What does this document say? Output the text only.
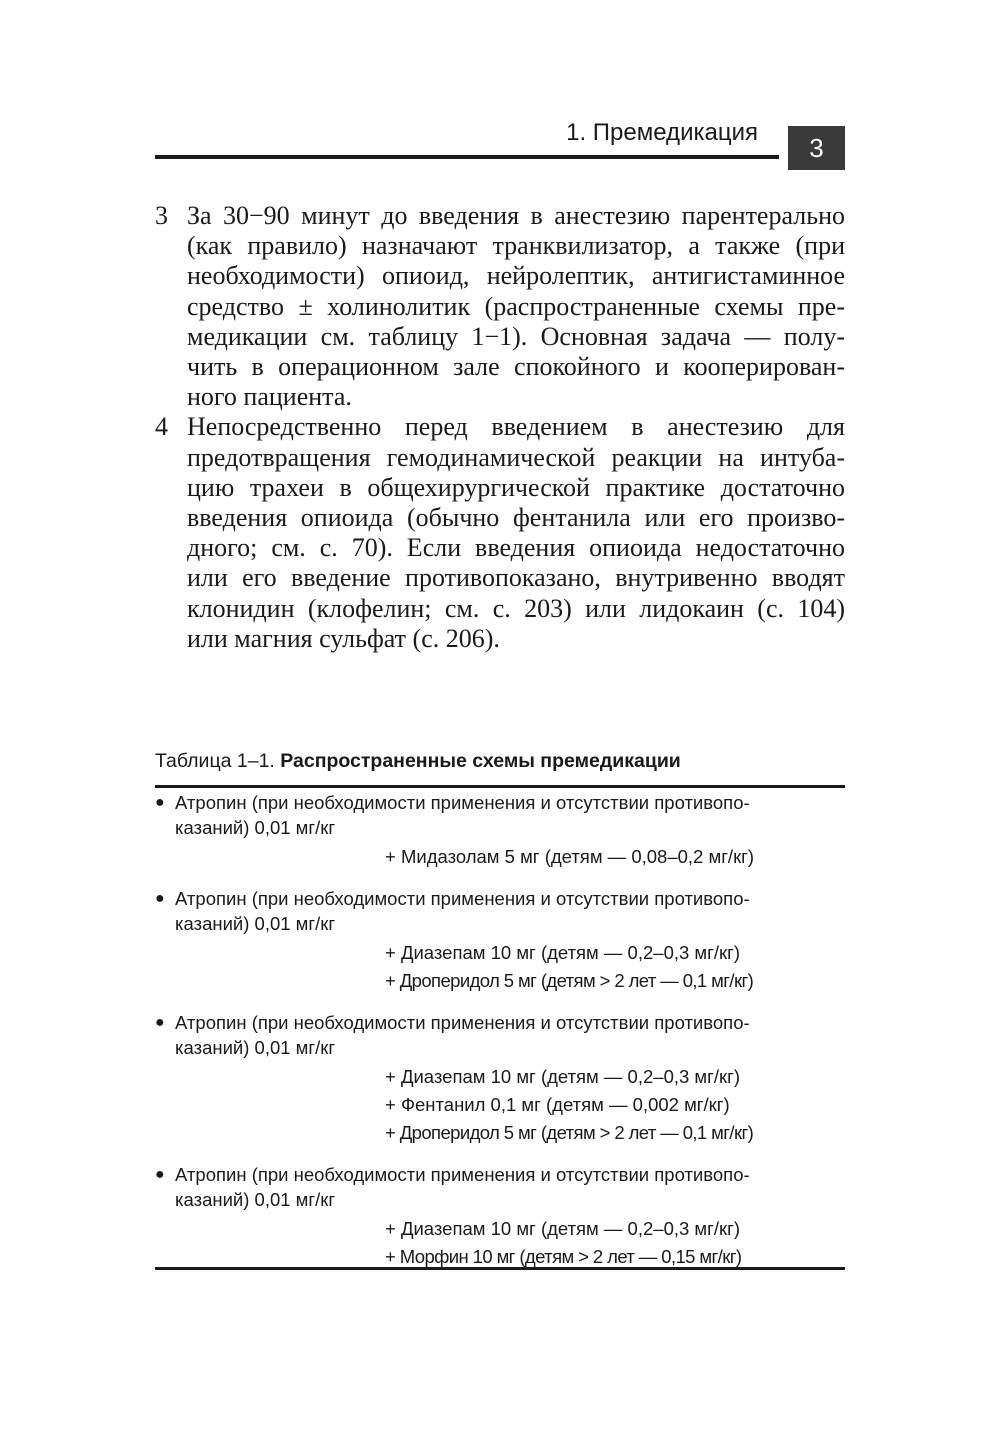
1. Премедикация 3
3 За 30−90 минут до введения в анестезию парентерально
(как правило) назначают транквилизатор, а также (при
необходимости) опиоид, нейролептик, антигистаминное
средство ± холинолитик (распространенные схемы пре-
медикации см. таблицу 1−1). Основная задача — полу-
чить в операционном зале спокойного и кооперирован-
ного пациента.
4 Непосредственно перед введением в анестезию для
предотвращения гемодинамической реакции на интуба-
цию трахеи в общехирургической практике достаточно
введения опиоида (обычно фентанила или его произво-
дного; см. с. 70). Если введения опиоида недостаточно
или его введение противопоказано, внутривенно вводят
клонидин (клофелин; см. с. 203) или лидокаин (с. 104)
или магния сульфат (с. 206).
Таблица 1–1. Распространенные схемы премедикации
● Атропин (при необходимости применения и отсутствии противопо-
казаний) 0,01 мг/кг
+ Мидазолам 5 мг (детям — 0,08–0,2 мг/кг)
● Атропин (при необходимости применения и отсутствии противопо-
казаний) 0,01 мг/кг
+ Диазепам 10 мг (детям — 0,2–0,3 мг/кг)
+ Дроперидол 5 мг (детям > 2 лет — 0,1 мг/кг)
● Атропин (при необходимости применения и отсутствии противопо-
казаний) 0,01 мг/кг
+ Диазепам 10 мг (детям — 0,2–0,3 мг/кг)
+ Фентанил 0,1 мг (детям — 0,002 мг/кг)
+ Дроперидол 5 мг (детям > 2 лет — 0,1 мг/кг)
● Атропин (при необходимости применения и отсутствии противопо-
казаний) 0,01 мг/кг
+ Диазепам 10 мг (детям — 0,2–0,3 мг/кг)
+ Морфин 10 мг (детям > 2 лет — 0,15 мг/кг)
